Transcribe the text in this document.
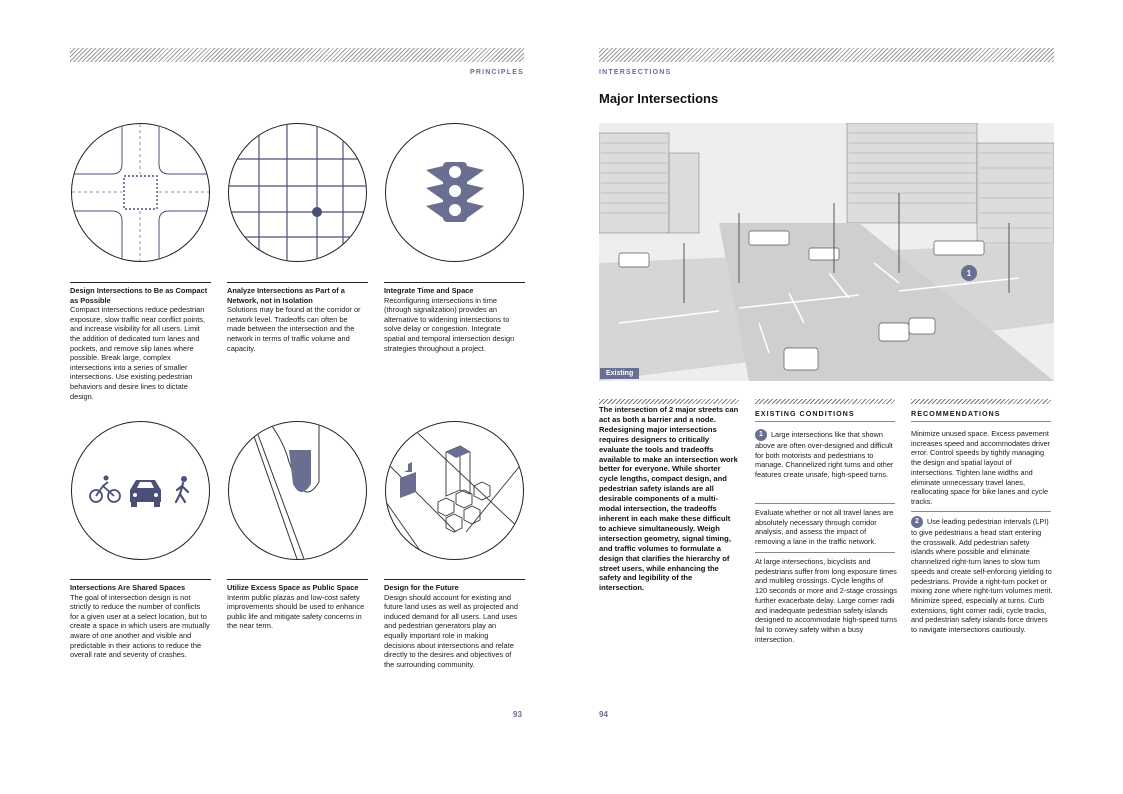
PRINCIPLES
Design Intersections to Be as Compact as Possible
Compact intersections reduce pedestrian exposure, slow traffic near conflict points, and increase visibility for all users. Limit the addition of dedicated turn lanes and pockets, and remove slip lanes where possible. Break large, complex intersections into a series of smaller intersections. Use existing pedestrian behaviors and desire lines to dictate design.
Analyze Intersections as Part of a Network, not in Isolation
Solutions may be found at the corridor or network level. Tradeoffs can often be made between the intersection and the network in terms of traffic volume and capacity.
Integrate Time and Space
Reconfiguring intersections in time (through signalization) provides an alternative to widening intersections to solve delay or congestion. Integrate spatial and temporal intersection design strategies throughout a project.
Intersections Are Shared Spaces
The goal of intersection design is not strictly to reduce the number of conflicts for a given user at a select location, but to create a space in which users are mutually aware of one another and visible and predictable in their actions to reduce the overall rate and severity of crashes.
Utilize Excess Space as Public Space
Interim public plazas and low-cost safety improvements should be used to enhance public life and mitigate safety concerns in the near term.
Design for the Future
Design should account for existing and future land uses as well as projected and induced demand for all users. Land uses and pedestrian generators play an equally important role in making decisions about intersections and relate directly to the desires and objectives of the surrounding community.
93
INTERSECTIONS
Major Intersections
1
Existing
The intersection of 2 major streets can act as both a barrier and a node. Redesigning major intersections requires designers to critically evaluate the tools and tradeoffs available to make an intersection work better for everyone. While shorter cycle lengths, compact design, and pedestrian safety islands are all desirable components of a multi-modal intersection, the tradeoffs inherent in each make these difficult to achieve simultaneously. Weigh intersection geometry, signal timing, and traffic volumes to formulate a design that clarifies the hierarchy of street users, while enhancing the safety and legibility of the intersection.
EXISTING CONDITIONS
1 Large intersections like that shown above are often over-designed and difficult for both motorists and pedestrians to manage. Channelized right turns and other features create unsafe, high-speed turns.
Evaluate whether or not all travel lanes are absolutely necessary through corridor analysis, and assess the impact of removing a lane in the traffic network.
At large intersections, bicyclists and pedestrians suffer from long exposure times and multileg crossings. Cycle lengths of 120 seconds or more and 2-stage crossings further exacerbate delay. Large corner radii and inadequate pedestrian safety islands designed to accommodate high-speed turns fail to convey safety within a busy intersection.
RECOMMENDATIONS
Minimize unused space. Excess pavement increases speed and accommodates driver error. Control speeds by tightly managing the design and spatial layout of intersections. Tighten lane widths and eliminate unnecessary travel lanes, reallocating space for bike lanes and cycle tracks.
2 Use leading pedestrian intervals (LPI) to give pedestrians a head start entering the crosswalk. Add pedestrian safety islands where possible and eliminate channelized right-turn lanes to slow turn speeds and create self-enforcing yielding to pedestrians. Provide a right-turn pocket or mixing zone where right-turn volumes merit. Minimize speed, especially at turns. Curb extensions, tight corner radii, cycle tracks, and pedestrian safety islands force drivers to navigate intersections cautiously.
94
